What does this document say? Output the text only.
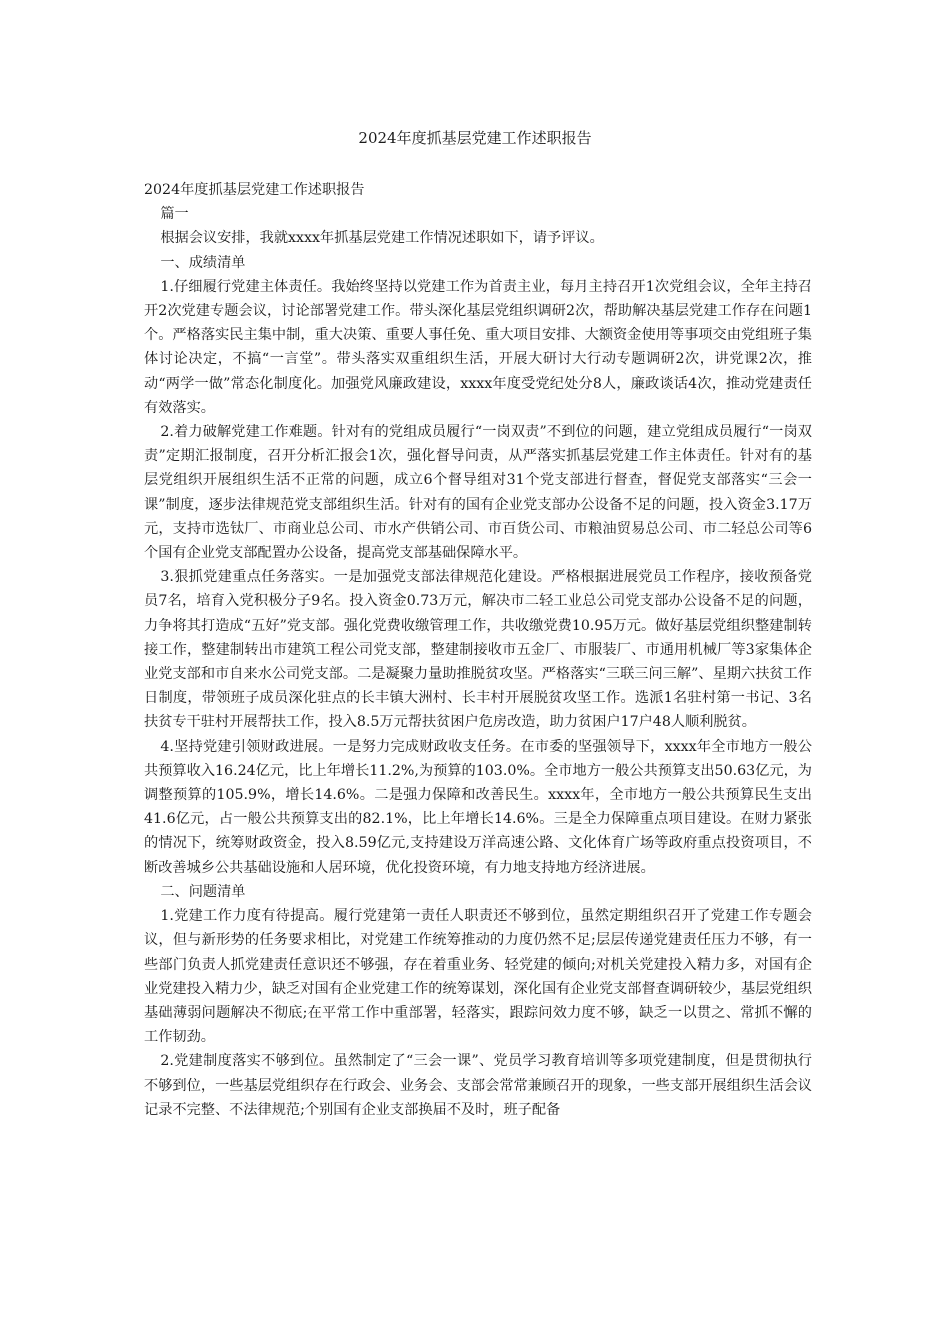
2024年度抓基层党建工作述职报告

2024年度抓基层党建工作述职报告

篇一

根据会议安排，我就xxxx年抓基层党建工作情况述职如下，请予评议。

一、成绩清单

1.仔细履行党建主体责任。我始终坚持以党建工作为首责主业，每月主持召开1次党组会议，全年主持召开2次党建专题会议，讨论部署党建工作。带头深化基层党组织调研2次，帮助解决基层党建工作存在问题1个。严格落实民主集中制，重大决策、重要人事任免、重大项目安排、大额资金使用等事项交由党组班子集体讨论决定，不搞“一言堂”。带头落实双重组织生活，开展大研讨大行动专题调研2次，讲党课2次，推动“两学一做”常态化制度化。加强党风廉政建设，xxxx年度受党纪处分8人，廉政谈话4次，推动党建责任有效落实。

2.着力破解党建工作难题。针对有的党组成员履行“一岗双责”不到位的问题，建立党组成员履行“一岗双责”定期汇报制度，召开分析汇报会1次，强化督导问责，从严落实抓基层党建工作主体责任。针对有的基层党组织开展组织生活不正常的问题，成立6个督导组对31个党支部进行督查，督促党支部落实“三会一课”制度，逐步法律规范党支部组织生活。针对有的国有企业党支部办公设备不足的问题，投入资金3.17万元，支持市选钛厂、市商业总公司、市水产供销公司、市百货公司、市粮油贸易总公司、市二轻总公司等6个国有企业党支部配置办公设备，提高党支部基础保障水平。

3.狠抓党建重点任务落实。一是加强党支部法律规范化建设。严格根据进展党员工作程序，接收预备党员7名，培育入党积极分子9名。投入资金0.73万元，解决市二轻工业总公司党支部办公设备不足的问题，力争将其打造成“五好”党支部。强化党费收缴管理工作，共收缴党费10.95万元。做好基层党组织整建制转接工作，整建制转出市建筑工程公司党支部，整建制接收市五金厂、市服装厂、市通用机械厂等3家集体企业党支部和市自来水公司党支部。二是凝聚力量助推脱贫攻坚。严格落实“三联三问三解”、星期六扶贫工作日制度，带领班子成员深化驻点的长丰镇大洲村、长丰村开展脱贫攻坚工作。选派1名驻村第一书记、3名扶贫专干驻村开展帮扶工作，投入8.5万元帮扶贫困户危房改造，助力贫困户17户48人顺利脱贫。

4.坚持党建引领财政进展。一是努力完成财政收支任务。在市委的坚强领导下，xxxx年全市地方一般公共预算收入16.24亿元，比上年增长11.2%,为预算的103.0%。全市地方一般公共预算支出50.63亿元，为调整预算的105.9%，增长14.6%。二是强力保障和改善民生。xxxx年，全市地方一般公共预算民生支出41.6亿元，占一般公共预算支出的82.1%，比上年增长14.6%。三是全力保障重点项目建设。在财力紧张的情况下，统筹财政资金，投入8.59亿元,支持建设万洋高速公路、文化体育广场等政府重点投资项目，不断改善城乡公共基础设施和人居环境，优化投资环境，有力地支持地方经济进展。

二、问题清单

1.党建工作力度有待提高。履行党建第一责任人职责还不够到位，虽然定期组织召开了党建工作专题会议，但与新形势的任务要求相比，对党建工作统筹推动的力度仍然不足;层层传递党建责任压力不够，有一些部门负责人抓党建责任意识还不够强，存在着重业务、轻党建的倾向;对机关党建投入精力多，对国有企业党建投入精力少，缺乏对国有企业党建工作的统筹谋划，深化国有企业党支部督查调研较少，基层党组织基础薄弱问题解决不彻底;在平常工作中重部署，轻落实，跟踪问效力度不够，缺乏一以贯之、常抓不懈的工作韧劲。

2.党建制度落实不够到位。虽然制定了“三会一课”、党员学习教育培训等多项党建制度，但是贯彻执行不够到位，一些基层党组织存在行政会、业务会、支部会常常兼顾召开的现象，一些支部开展组织生活会议记录不完整、不法律规范;个别国有企业支部换届不及时，班子配备
